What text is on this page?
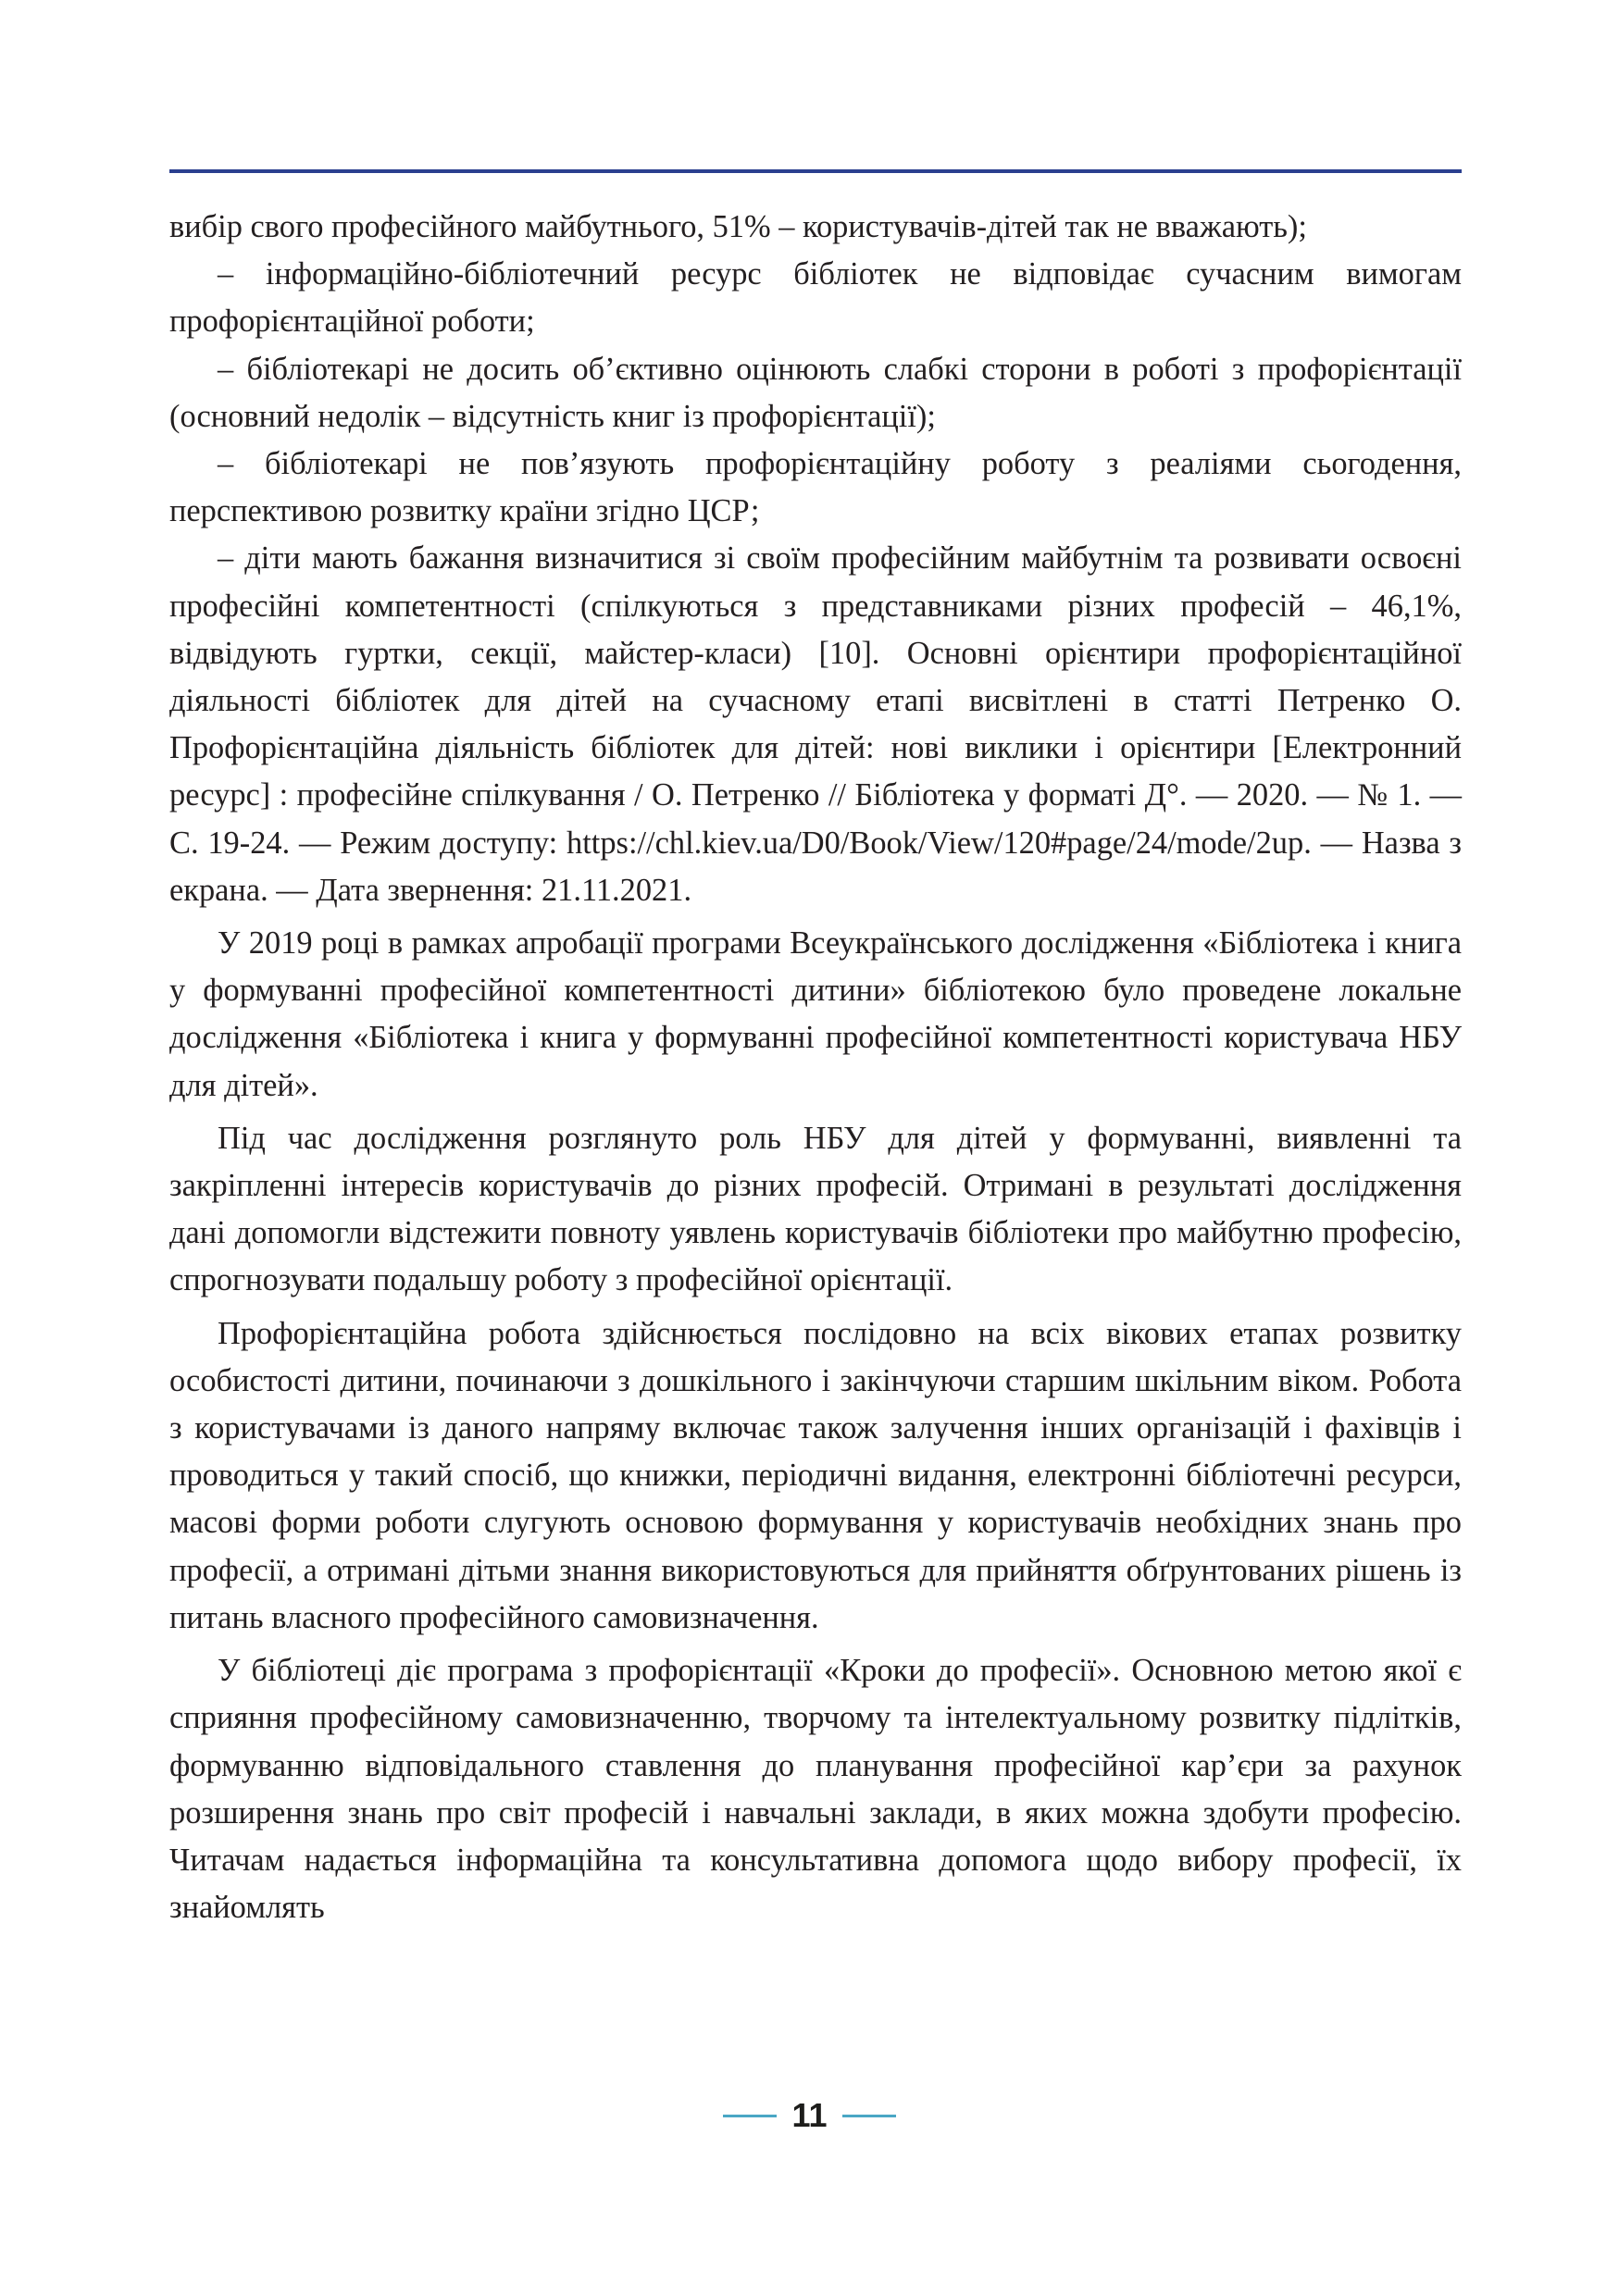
вибір свого професійного майбутнього, 51% – користувачів-дітей так не вважають);

– інформаційно-бібліотечний ресурс бібліотек не відповідає сучасним вимогам профорієнтаційної роботи;

– бібліотекарі не досить об’єктивно оцінюють слабкі сторони в роботі з профорієнтації (основний недолік – відсутність книг із профорієнтації);

– бібліотекарі не пов’язують профорієнтаційну роботу з реаліями сьогодення, перспективою розвитку країни згідно ЦСР;

– діти мають бажання визначитися зі своїм професійним майбутнім та розвивати освоєні професійні компетентності (спілкуються з представниками різних професій – 46,1%, відвідують гуртки, секції, майстер-класи) [10]. Основні орієнтири профорієнтаційної діяльності бібліотек для дітей на сучасному етапі висвітлені в статті Петренко О. Профорієнтаційна діяльність бібліотек для дітей: нові виклики і орієнтири [Електронний ресурс] : професійне спілкування / О. Петренко // Бібліотека у форматі Д°. — 2020. — № 1. — С. 19-24. — Режим доступу: https://chl.kiev.ua/D0/Book/View/120#page/24/mode/2up. — Назва з екрана. — Дата звернення: 21.11.2021.

У 2019 році в рамках апробації програми Всеукраїнського дослідження «Бібліотека і книга у формуванні професійної компетентності дитини» бібліотекою було проведене локальне дослідження «Бібліотека і книга у формуванні професійної компетентності користувача НБУ для дітей».

Під час дослідження розглянуто роль НБУ для дітей у формуванні, виявленні та закріпленні інтересів користувачів до різних професій. Отримані в результаті дослідження дані допомогли відстежити повноту уявлень користувачів бібліотеки про майбутню професію, спрогнозувати подальшу роботу з професійної орієнтації.

Профорієнтаційна робота здійснюється послідовно на всіх вікових етапах розвитку особистості дитини, починаючи з дошкільного і закінчуючи старшим шкільним віком. Робота з користувачами із даного напряму включає також залучення інших організацій і фахівців і проводиться у такий спосіб, що книжки, періодичні видання, електронні бібліотечні ресурси, масові форми роботи слугують основою формування у користувачів необхідних знань про професії, а отримані дітьми знання використовуються для прийняття обґрунтованих рішень із питань власного професійного самовизначення.

У бібліотеці діє програма з профорієнтації «Кроки до професії». Основною метою якої є сприяння професійному самовизначенню, творчому та інтелектуальному розвитку підлітків, формуванню відповідального ставлення до планування професійної кар’єри за рахунок розширення знань про світ професій і навчальні заклади, в яких можна здобути професію. Читачам надається інформаційна та консультативна допомога щодо вибору професії, їх знайомлять

11
